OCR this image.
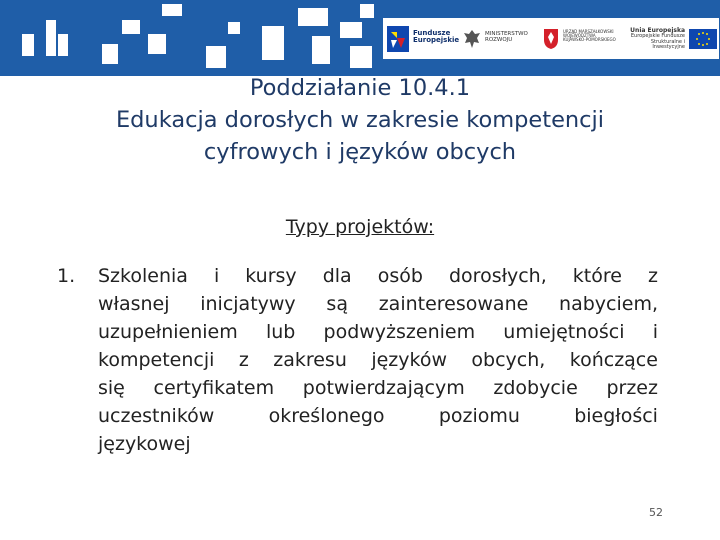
Fundusze
Europejskie
MINISTERSTWO
ROZWOJU
URZĄD MARSZAŁKOWSKI
WOJEWÓDZTWA
KUJAWSKO-POMORSKIEGO
Unia Europejska
Europejskie Fundusze
Strukturalne i Inwestycyjne
Poddziałanie 10.4.1
Edukacja dorosłych w zakresie kompetencji
cyfrowych i języków obcych
Typy projektów:
1. Szkolenia i kursy dla osób dorosłych, które z
własnej inicjatywy są zainteresowane nabyciem,
uzupełnieniem lub podwyższeniem umiejętności i
kompetencji z zakresu języków obcych, kończące
się certyfikatem potwierdzającym zdobycie przez
uczestników	określonego	poziomu	biegłości
językowej
52
